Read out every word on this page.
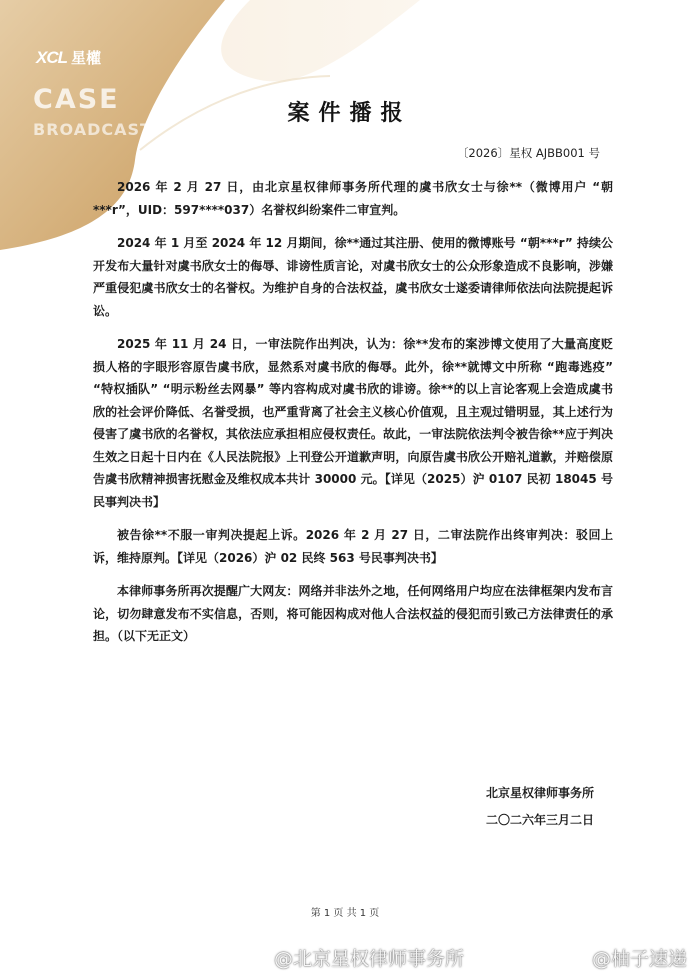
XCL 星權
CASE
BROADCAST
案件播报
〔2026〕星权 AJBB001 号

2026 年 2 月 27 日，由北京星权律师事务所代理的虞书欣女士与徐**（微博用户 “朝***r”，UID：597****037）名誉权纠纷案件二审宣判。

2024 年 1 月至 2024 年 12 月期间，徐**通过其注册、使用的微博账号 “朝***r” 持续公开发布大量针对虞书欣女士的侮辱、诽谤性质言论，对虞书欣女士的公众形象造成不良影响，涉嫌严重侵犯虞书欣女士的名誉权。为维护自身的合法权益，虞书欣女士遂委请律师依法向法院提起诉讼。

2025 年 11 月 24 日，一审法院作出判决，认为：徐**发布的案涉博文使用了大量高度贬损人格的字眼形容原告虞书欣，显然系对虞书欣的侮辱。此外，徐**就博文中所称 “跑毒逃疫” “特权插队” “明示粉丝去网暴” 等内容构成对虞书欣的诽谤。徐**的以上言论客观上会造成虞书欣的社会评价降低、名誉受损，也严重背离了社会主义核心价值观，且主观过错明显，其上述行为侵害了虞书欣的名誉权，其依法应承担相应侵权责任。故此，一审法院依法判令被告徐**应于判决生效之日起十日内在《人民法院报》上刊登公开道歉声明，向原告虞书欣公开赔礼道歉，并赔偿原告虞书欣精神损害抚慰金及维权成本共计 30000 元。【详见（2025）沪 0107 民初 18045 号民事判决书】

被告徐**不服一审判决提起上诉。2026 年 2 月 27 日，二审法院作出终审判决：驳回上诉，维持原判。【详见（2026）沪 02 民终 563 号民事判决书】

本律师事务所再次提醒广大网友：网络并非法外之地，任何网络用户均应在法律框架内发布言论，切勿肆意发布不实信息，否则，将可能因构成对他人合法权益的侵犯而引致己方法律责任的承担。（以下无正文）

北京星权律师事务所
二〇二六年三月二日
第 1 页 共 1 页
@北京星权律师事务所	@柚子速递
